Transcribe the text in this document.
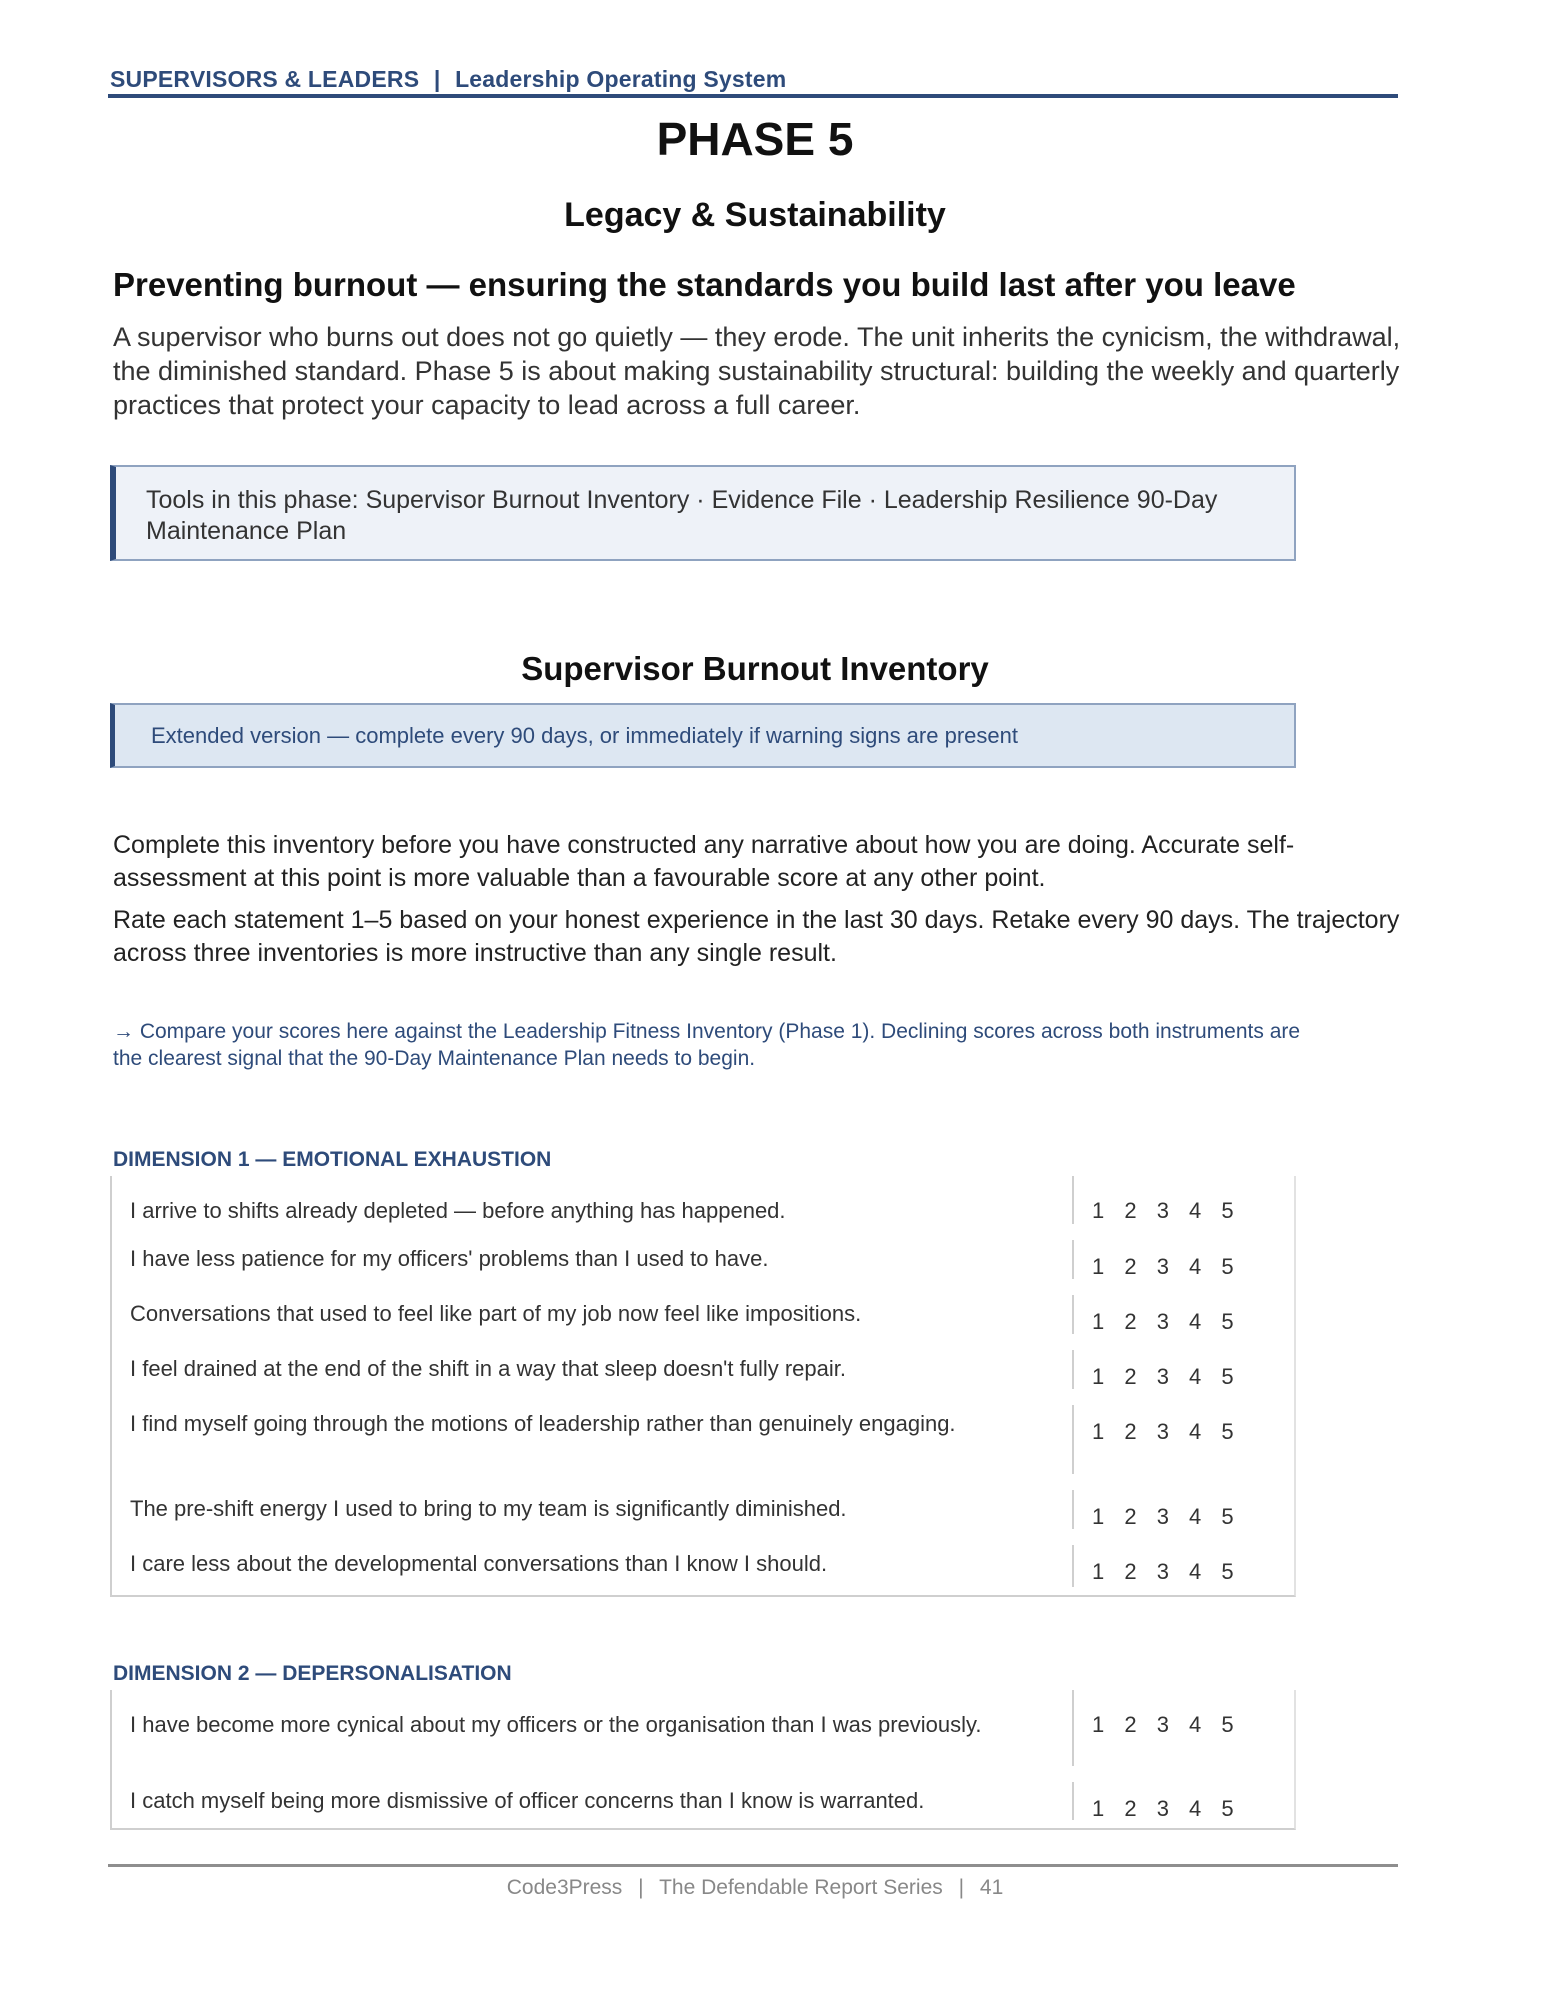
SUPERVISORS & LEADERS | Leadership Operating System
PHASE 5
Legacy & Sustainability
Preventing burnout — ensuring the standards you build last after you leave
A supervisor who burns out does not go quietly — they erode. The unit inherits the cynicism, the withdrawal, the diminished standard. Phase 5 is about making sustainability structural: building the weekly and quarterly practices that protect your capacity to lead across a full career.
Tools in this phase: Supervisor Burnout Inventory · Evidence File · Leadership Resilience 90-Day Maintenance Plan
Supervisor Burnout Inventory
Extended version — complete every 90 days, or immediately if warning signs are present
Complete this inventory before you have constructed any narrative about how you are doing. Accurate self-assessment at this point is more valuable than a favourable score at any other point.
Rate each statement 1–5 based on your honest experience in the last 30 days. Retake every 90 days. The trajectory across three inventories is more instructive than any single result.
→ Compare your scores here against the Leadership Fitness Inventory (Phase 1). Declining scores across both instruments are the clearest signal that the 90-Day Maintenance Plan needs to begin.
DIMENSION 1 — EMOTIONAL EXHAUSTION
I arrive to shifts already depleted — before anything has happened.	1 2 3 4 5
I have less patience for my officers' problems than I used to have.	1 2 3 4 5
Conversations that used to feel like part of my job now feel like impositions.	1 2 3 4 5
I feel drained at the end of the shift in a way that sleep doesn't fully repair.	1 2 3 4 5
I find myself going through the motions of leadership rather than genuinely engaging.	1 2 3 4 5
The pre-shift energy I used to bring to my team is significantly diminished.	1 2 3 4 5
I care less about the developmental conversations than I know I should.	1 2 3 4 5
DIMENSION 2 — DEPERSONALISATION
I have become more cynical about my officers or the organisation than I was previously.	1 2 3 4 5
I catch myself being more dismissive of officer concerns than I know is warranted.	1 2 3 4 5
Code3Press | The Defendable Report Series | 41
